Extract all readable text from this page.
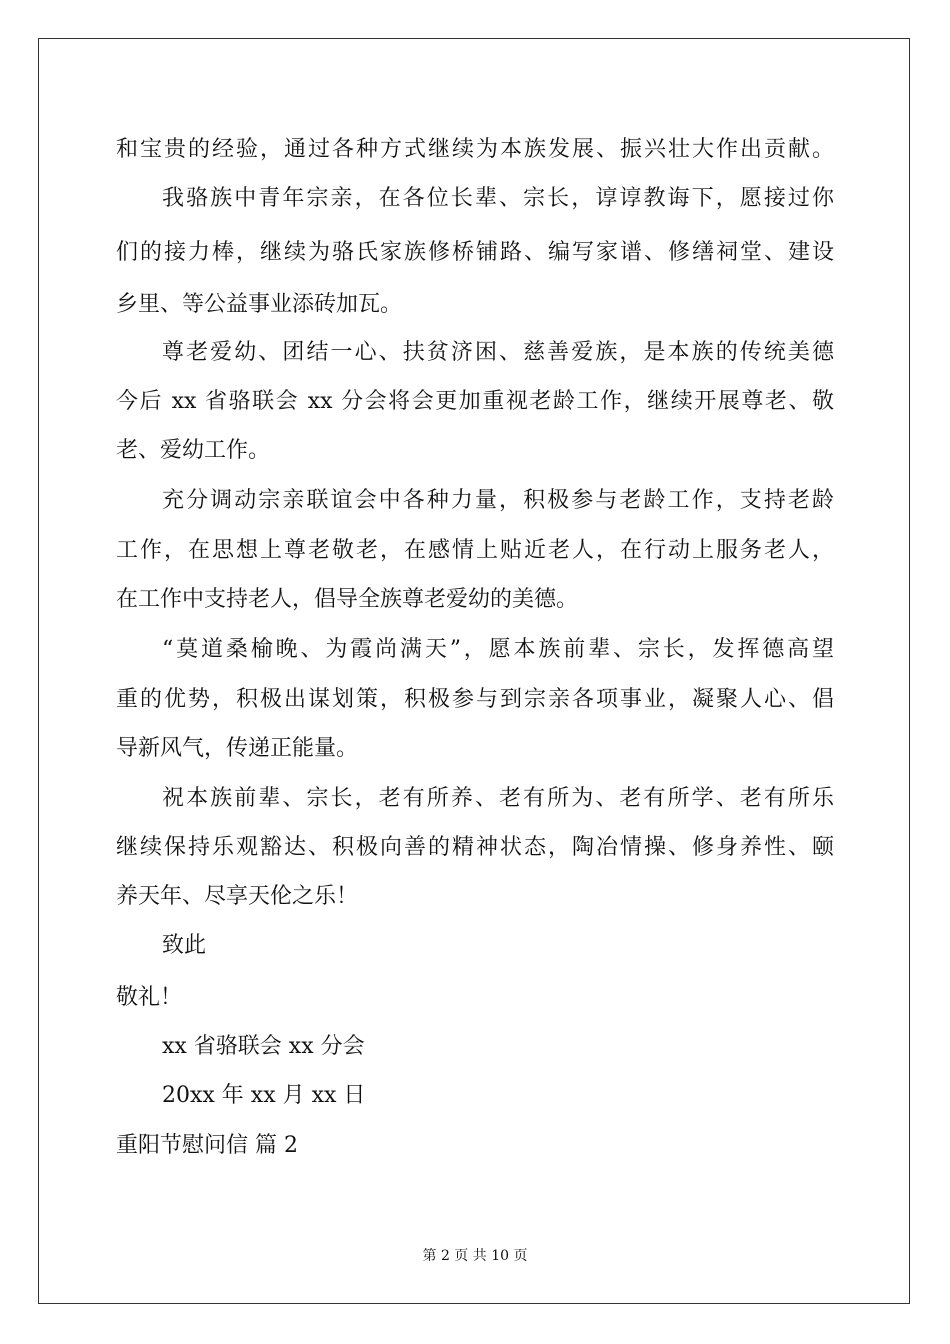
和宝贵的经验，通过各种方式继续为本族发展、振兴壮大作出贡献。
我骆族中青年宗亲，在各位长辈、宗长，谆谆教诲下，愿接过你
们的接力棒，继续为骆氏家族修桥铺路、编写家谱、修缮祠堂、建设
乡里、等公益事业添砖加瓦。
尊老爱幼、团结一心、扶贫济困、慈善爱族，是本族的传统美德
今后 xx 省骆联会 xx 分会将会更加重视老龄工作，继续开展尊老、敬
老、爱幼工作。
充分调动宗亲联谊会中各种力量，积极参与老龄工作，支持老龄
工作，在思想上尊老敬老，在感情上贴近老人，在行动上服务老人，
在工作中支持老人，倡导全族尊老爱幼的美德。
“莫道桑榆晚、为霞尚满天”，愿本族前辈、宗长，发挥德高望
重的优势，积极出谋划策，积极参与到宗亲各项事业，凝聚人心、倡
导新风气，传递正能量。
祝本族前辈、宗长，老有所养、老有所为、老有所学、老有所乐
继续保持乐观豁达、积极向善的精神状态，陶冶情操、修身养性、颐
养天年、尽享天伦之乐！
致此
敬礼！
xx 省骆联会 xx 分会
20xx 年 xx 月 xx 日
重阳节慰问信 篇 2
第 2 页 共 10 页
